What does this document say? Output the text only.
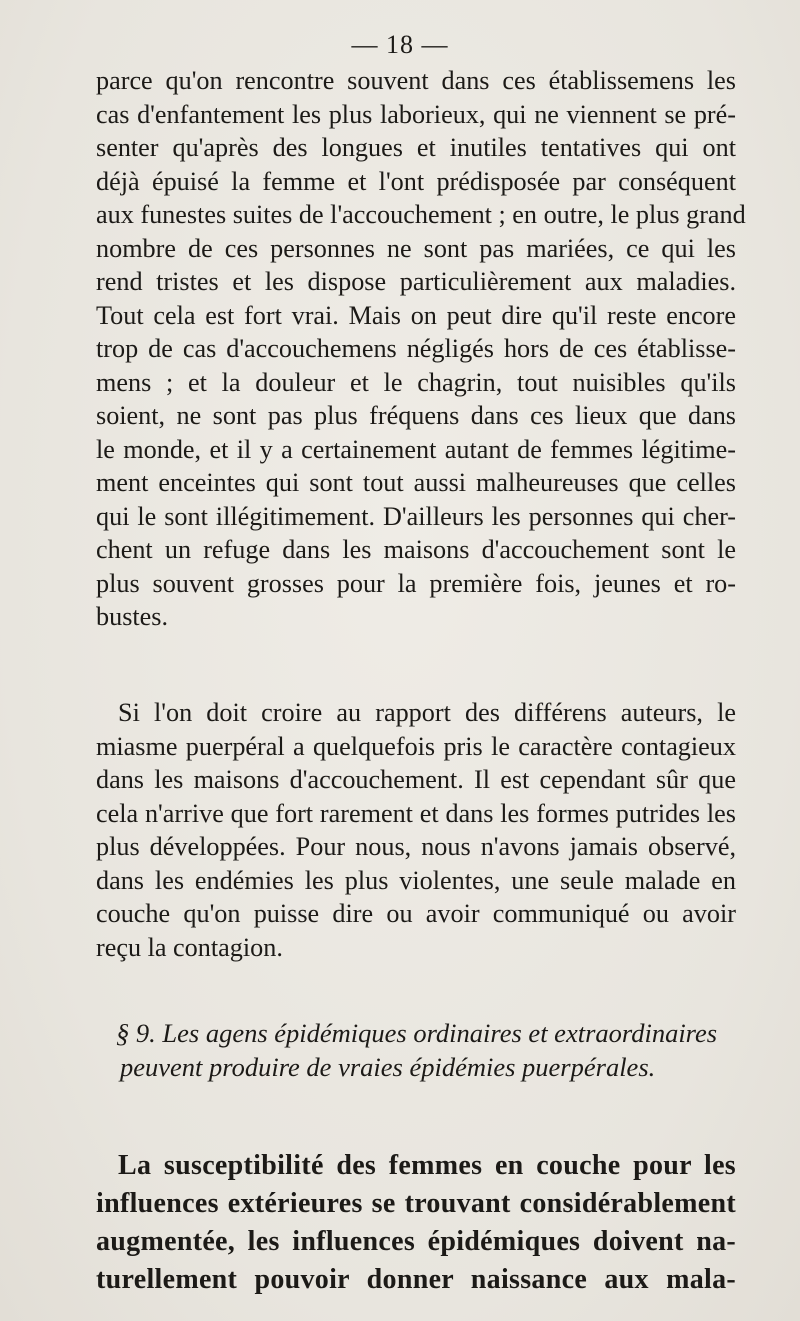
— 18 —
parce qu'on rencontre souvent dans ces établissemens les
cas d'enfantement les plus laborieux, qui ne viennent se pré-
senter qu'après des longues et inutiles tentatives qui ont
déjà épuisé la femme et l'ont prédisposée par conséquent
aux funestes suites de l'accouchement ; en outre, le plus grand
nombre de ces personnes ne sont pas mariées, ce qui les
rend tristes et les dispose particulièrement aux maladies.
Tout cela est fort vrai. Mais on peut dire qu'il reste encore
trop de cas d'accouchemens négligés hors de ces établisse-
mens ; et la douleur et le chagrin, tout nuisibles qu'ils
soient, ne sont pas plus fréquens dans ces lieux que dans
le monde, et il y a certainement autant de femmes légitime-
ment enceintes qui sont tout aussi malheureuses que celles
qui le sont illégitimement. D'ailleurs les personnes qui cher-
chent un refuge dans les maisons d'accouchement sont le
plus souvent grosses pour la première fois, jeunes et ro-
bustes.
Si l'on doit croire au rapport des différens auteurs, le
miasme puerpéral a quelquefois pris le caractère contagieux
dans les maisons d'accouchement. Il est cependant sûr que
cela n'arrive que fort rarement et dans les formes putrides les
plus développées. Pour nous, nous n'avons jamais observé,
dans les endémies les plus violentes, une seule malade en
couche qu'on puisse dire ou avoir communiqué ou avoir
reçu la contagion.
§ 9. Les agens épidémiques ordinaires et extraordinaires
peuvent produire de vraies épidémies puerpérales.
La susceptibilité des femmes en couche pour les
influences extérieures se trouvant considérablement
augmentée, les influences épidémiques doivent na-
turellement pouvoir donner naissance aux mala-
